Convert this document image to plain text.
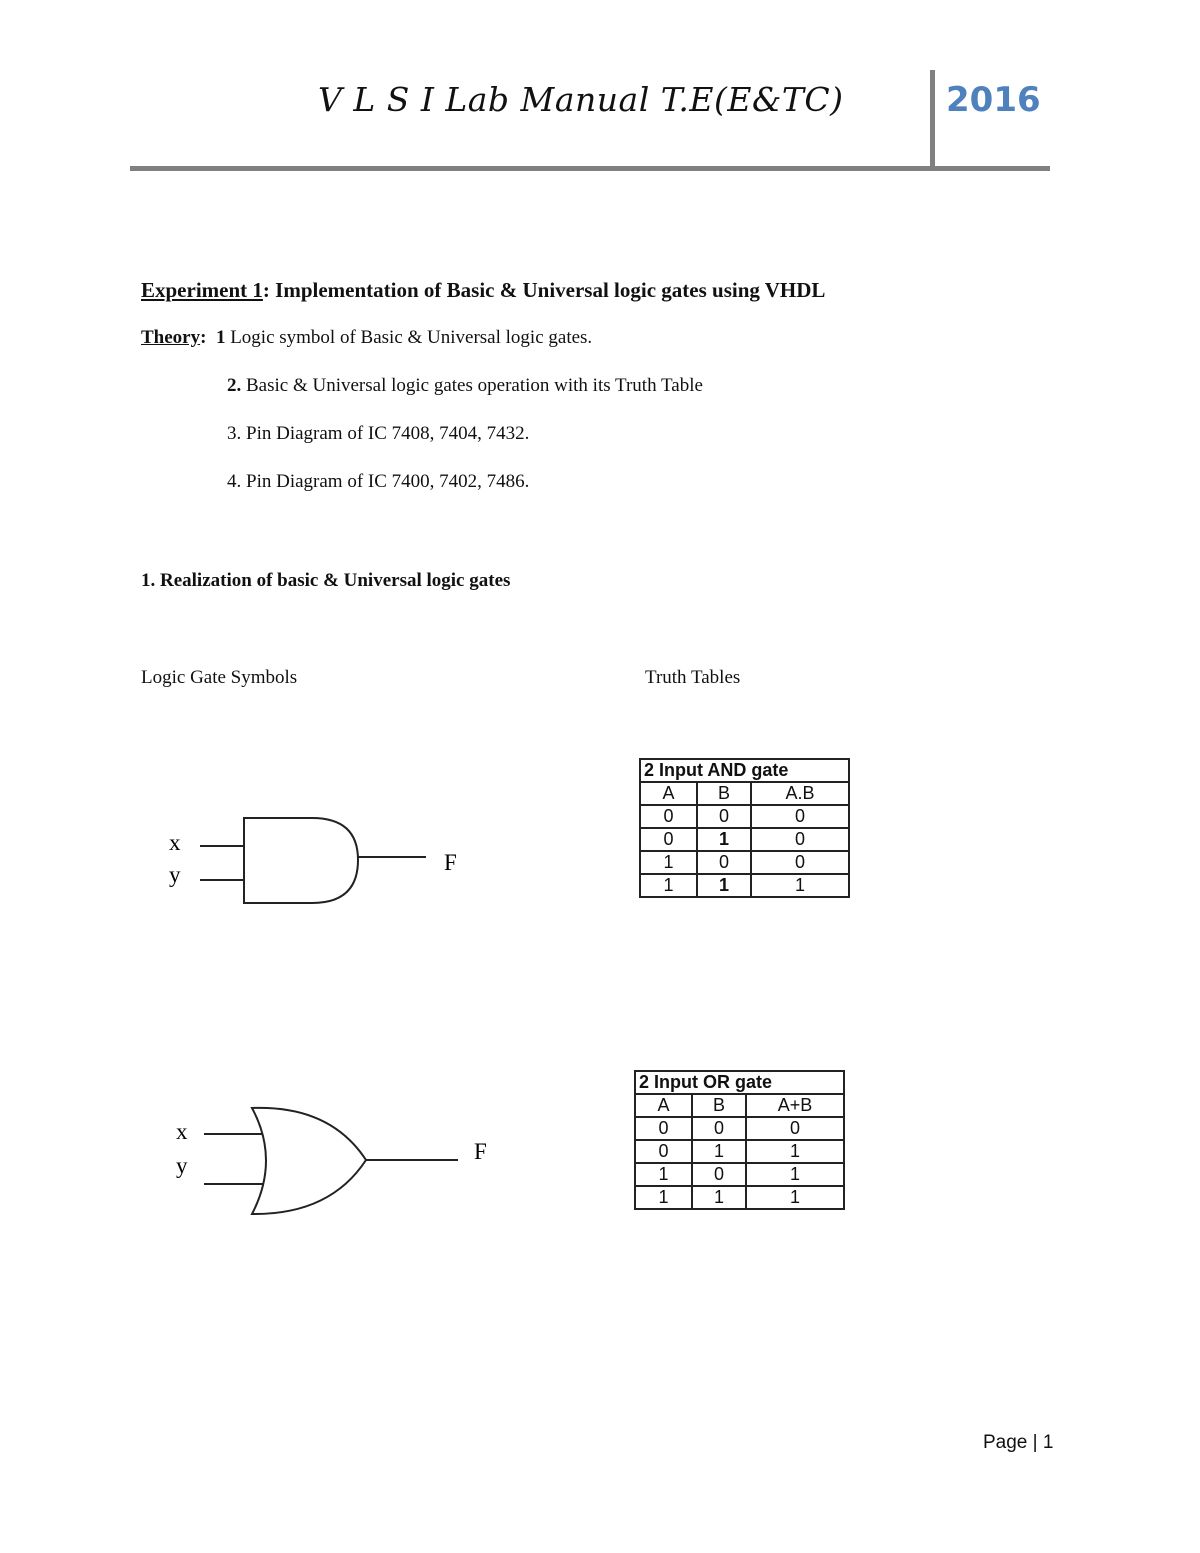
V L S I Lab Manual T.E(E&TC)	2016
Experiment 1: Implementation of Basic & Universal logic gates using VHDL
Theory: 1 Logic symbol of Basic & Universal logic gates.
2. Basic & Universal logic gates operation with its Truth Table
3. Pin Diagram of IC 7408, 7404, 7432.
4. Pin Diagram of IC 7400, 7402, 7486.
1. Realization of basic & Universal logic gates
Logic Gate Symbols	Truth Tables
x
y	F
x
y
F
2 Input AND gate		
A	B	A.B
0	0	0
0	1	0
1	0	0
1	1	1
2 Input OR gate		
A	B	A+B
0	0	0
0	1	1
1	0	1
1	1	1
Page | 1
